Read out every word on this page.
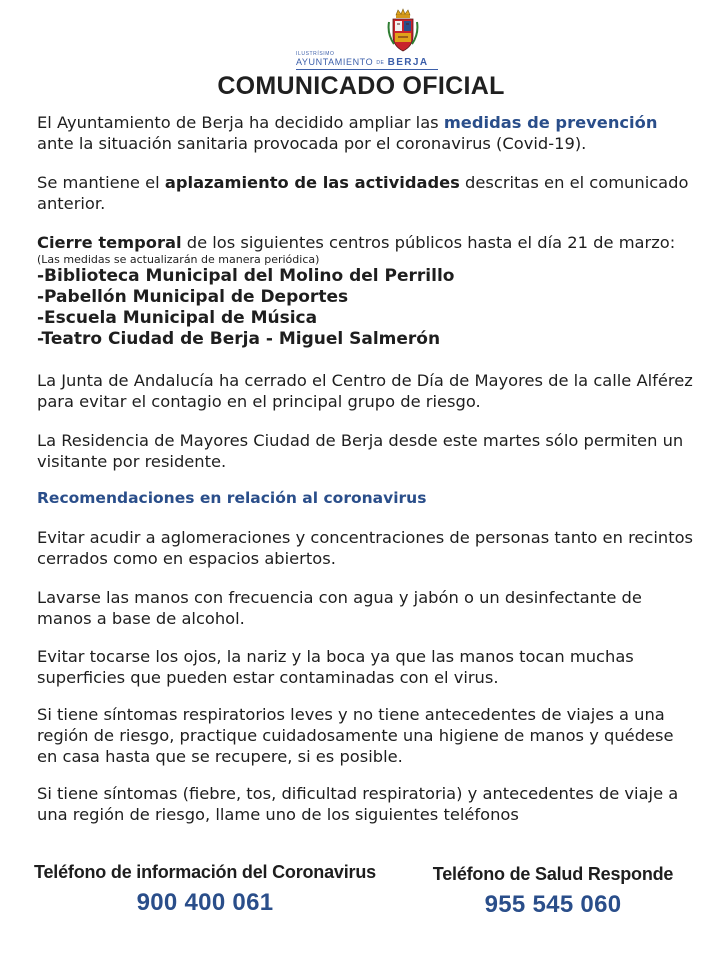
ILUSTRÍSIMO
AYUNTAMIENTO DE BERJA
COMUNICADO OFICIAL
El Ayuntamiento de Berja ha decidido ampliar las medidas de prevención ante la situación sanitaria provocada por el coronavirus (Covid-19).
Se mantiene el aplazamiento de las actividades descritas en el comunicado anterior.
Cierre temporal de los siguientes centros públicos hasta el día 21 de marzo:
(Las medidas se actualizarán de manera periódica)
-Biblioteca Municipal del Molino del Perrillo
-Pabellón Municipal de Deportes
-Escuela Municipal de Música
-Teatro Ciudad de Berja - Miguel Salmerón
La Junta de Andalucía ha cerrado el Centro de Día de Mayores de la calle Alférez para evitar el contagio en el principal grupo de riesgo.
La Residencia de Mayores Ciudad de Berja desde este martes sólo permiten un visitante por residente.
Recomendaciones en relación al coronavirus
Evitar acudir a aglomeraciones y concentraciones de personas tanto en recintos cerrados como en espacios abiertos.
Lavarse las manos con frecuencia con agua y jabón o un desinfectante de manos a base de alcohol.
Evitar tocarse los ojos, la nariz y la boca ya que las manos tocan muchas superficies que pueden estar contaminadas con el virus.
Si tiene síntomas respiratorios leves y no tiene antecedentes de viajes a una región de riesgo, practique cuidadosamente una higiene de manos y quédese en casa hasta que se recupere, si es posible.
Si tiene síntomas (fiebre, tos, dificultad respiratoria) y antecedentes de viaje a una región de riesgo, llame uno de los siguientes teléfonos
Teléfono de información del Coronavirus
900 400 061
Teléfono de Salud Responde
955 545 060
